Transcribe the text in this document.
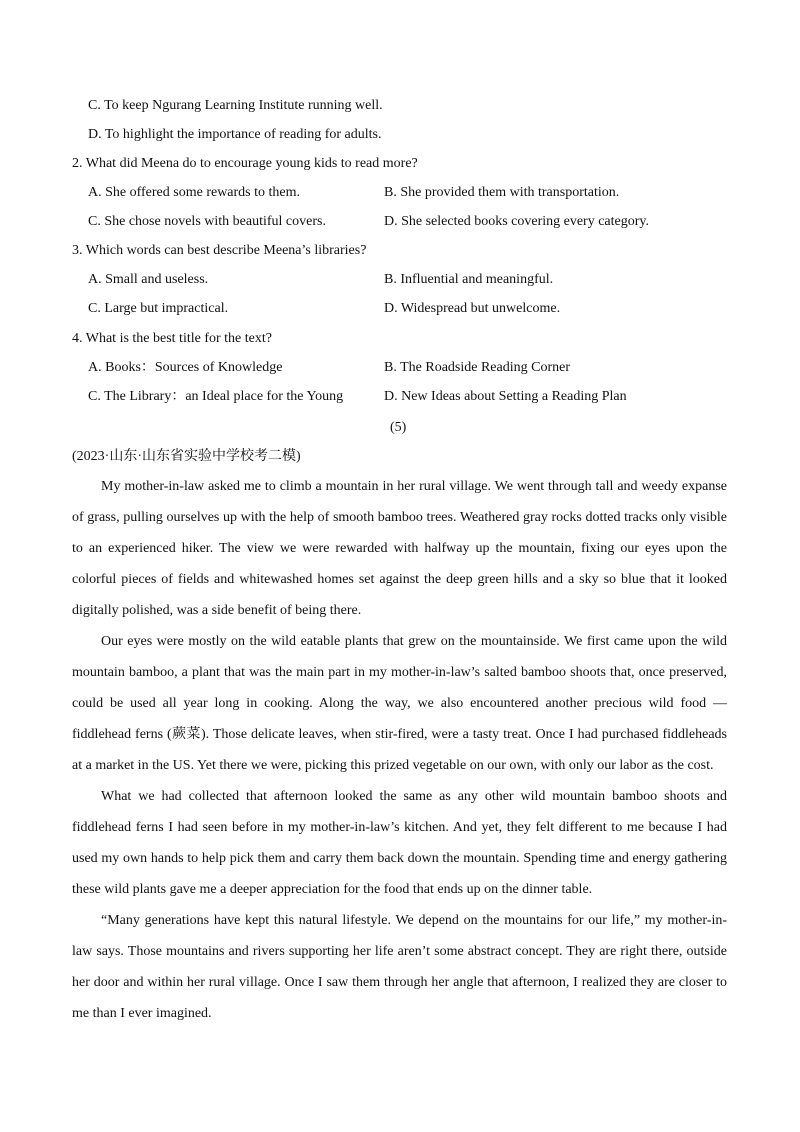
C. To keep Ngurang Learning Institute running well.
D. To highlight the importance of reading for adults.
2. What did Meena do to encourage young kids to read more?
A. She offered some rewards to them.	B. She provided them with transportation.
C. She chose novels with beautiful covers.	D. She selected books covering every category.
3. Which words can best describe Meena’s libraries?
A. Small and useless.	B. Influential and meaningful.
C. Large but impractical.	D. Widespread but unwelcome.
4. What is the best title for the text?
A. Books：Sources of Knowledge	B. The Roadside Reading Corner
C. The Library：an Ideal place for the Young	D. New Ideas about Setting a Reading Plan
(5)
(2023·山东·山东省实验中学校考二模)

My mother-in-law asked me to climb a mountain in her rural village. We went through tall and weedy expanse of grass, pulling ourselves up with the help of smooth bamboo trees. Weathered gray rocks dotted tracks only visible to an experienced hiker. The view we were rewarded with halfway up the mountain, fixing our eyes upon the colorful pieces of fields and whitewashed homes set against the deep green hills and a sky so blue that it looked digitally polished, was a side benefit of being there.

Our eyes were mostly on the wild eatable plants that grew on the mountainside. We first came upon the wild mountain bamboo, a plant that was the main part in my mother-in-law’s salted bamboo shoots that, once preserved, could be used all year long in cooking. Along the way, we also encountered another precious wild food — fiddlehead ferns (蕨菜). Those delicate leaves, when stir-fired, were a tasty treat. Once I had purchased fiddleheads at a market in the US. Yet there we were, picking this prized vegetable on our own, with only our labor as the cost.

What we had collected that afternoon looked the same as any other wild mountain bamboo shoots and fiddlehead ferns I had seen before in my mother-in-law’s kitchen. And yet, they felt different to me because I had used my own hands to help pick them and carry them back down the mountain. Spending time and energy gathering these wild plants gave me a deeper appreciation for the food that ends up on the dinner table.

“Many generations have kept this natural lifestyle. We depend on the mountains for our life,” my mother-in-law says. Those mountains and rivers supporting her life aren’t some abstract concept. They are right there, outside her door and within her rural village. Once I saw them through her angle that afternoon, I realized they are closer to me than I ever imagined.
